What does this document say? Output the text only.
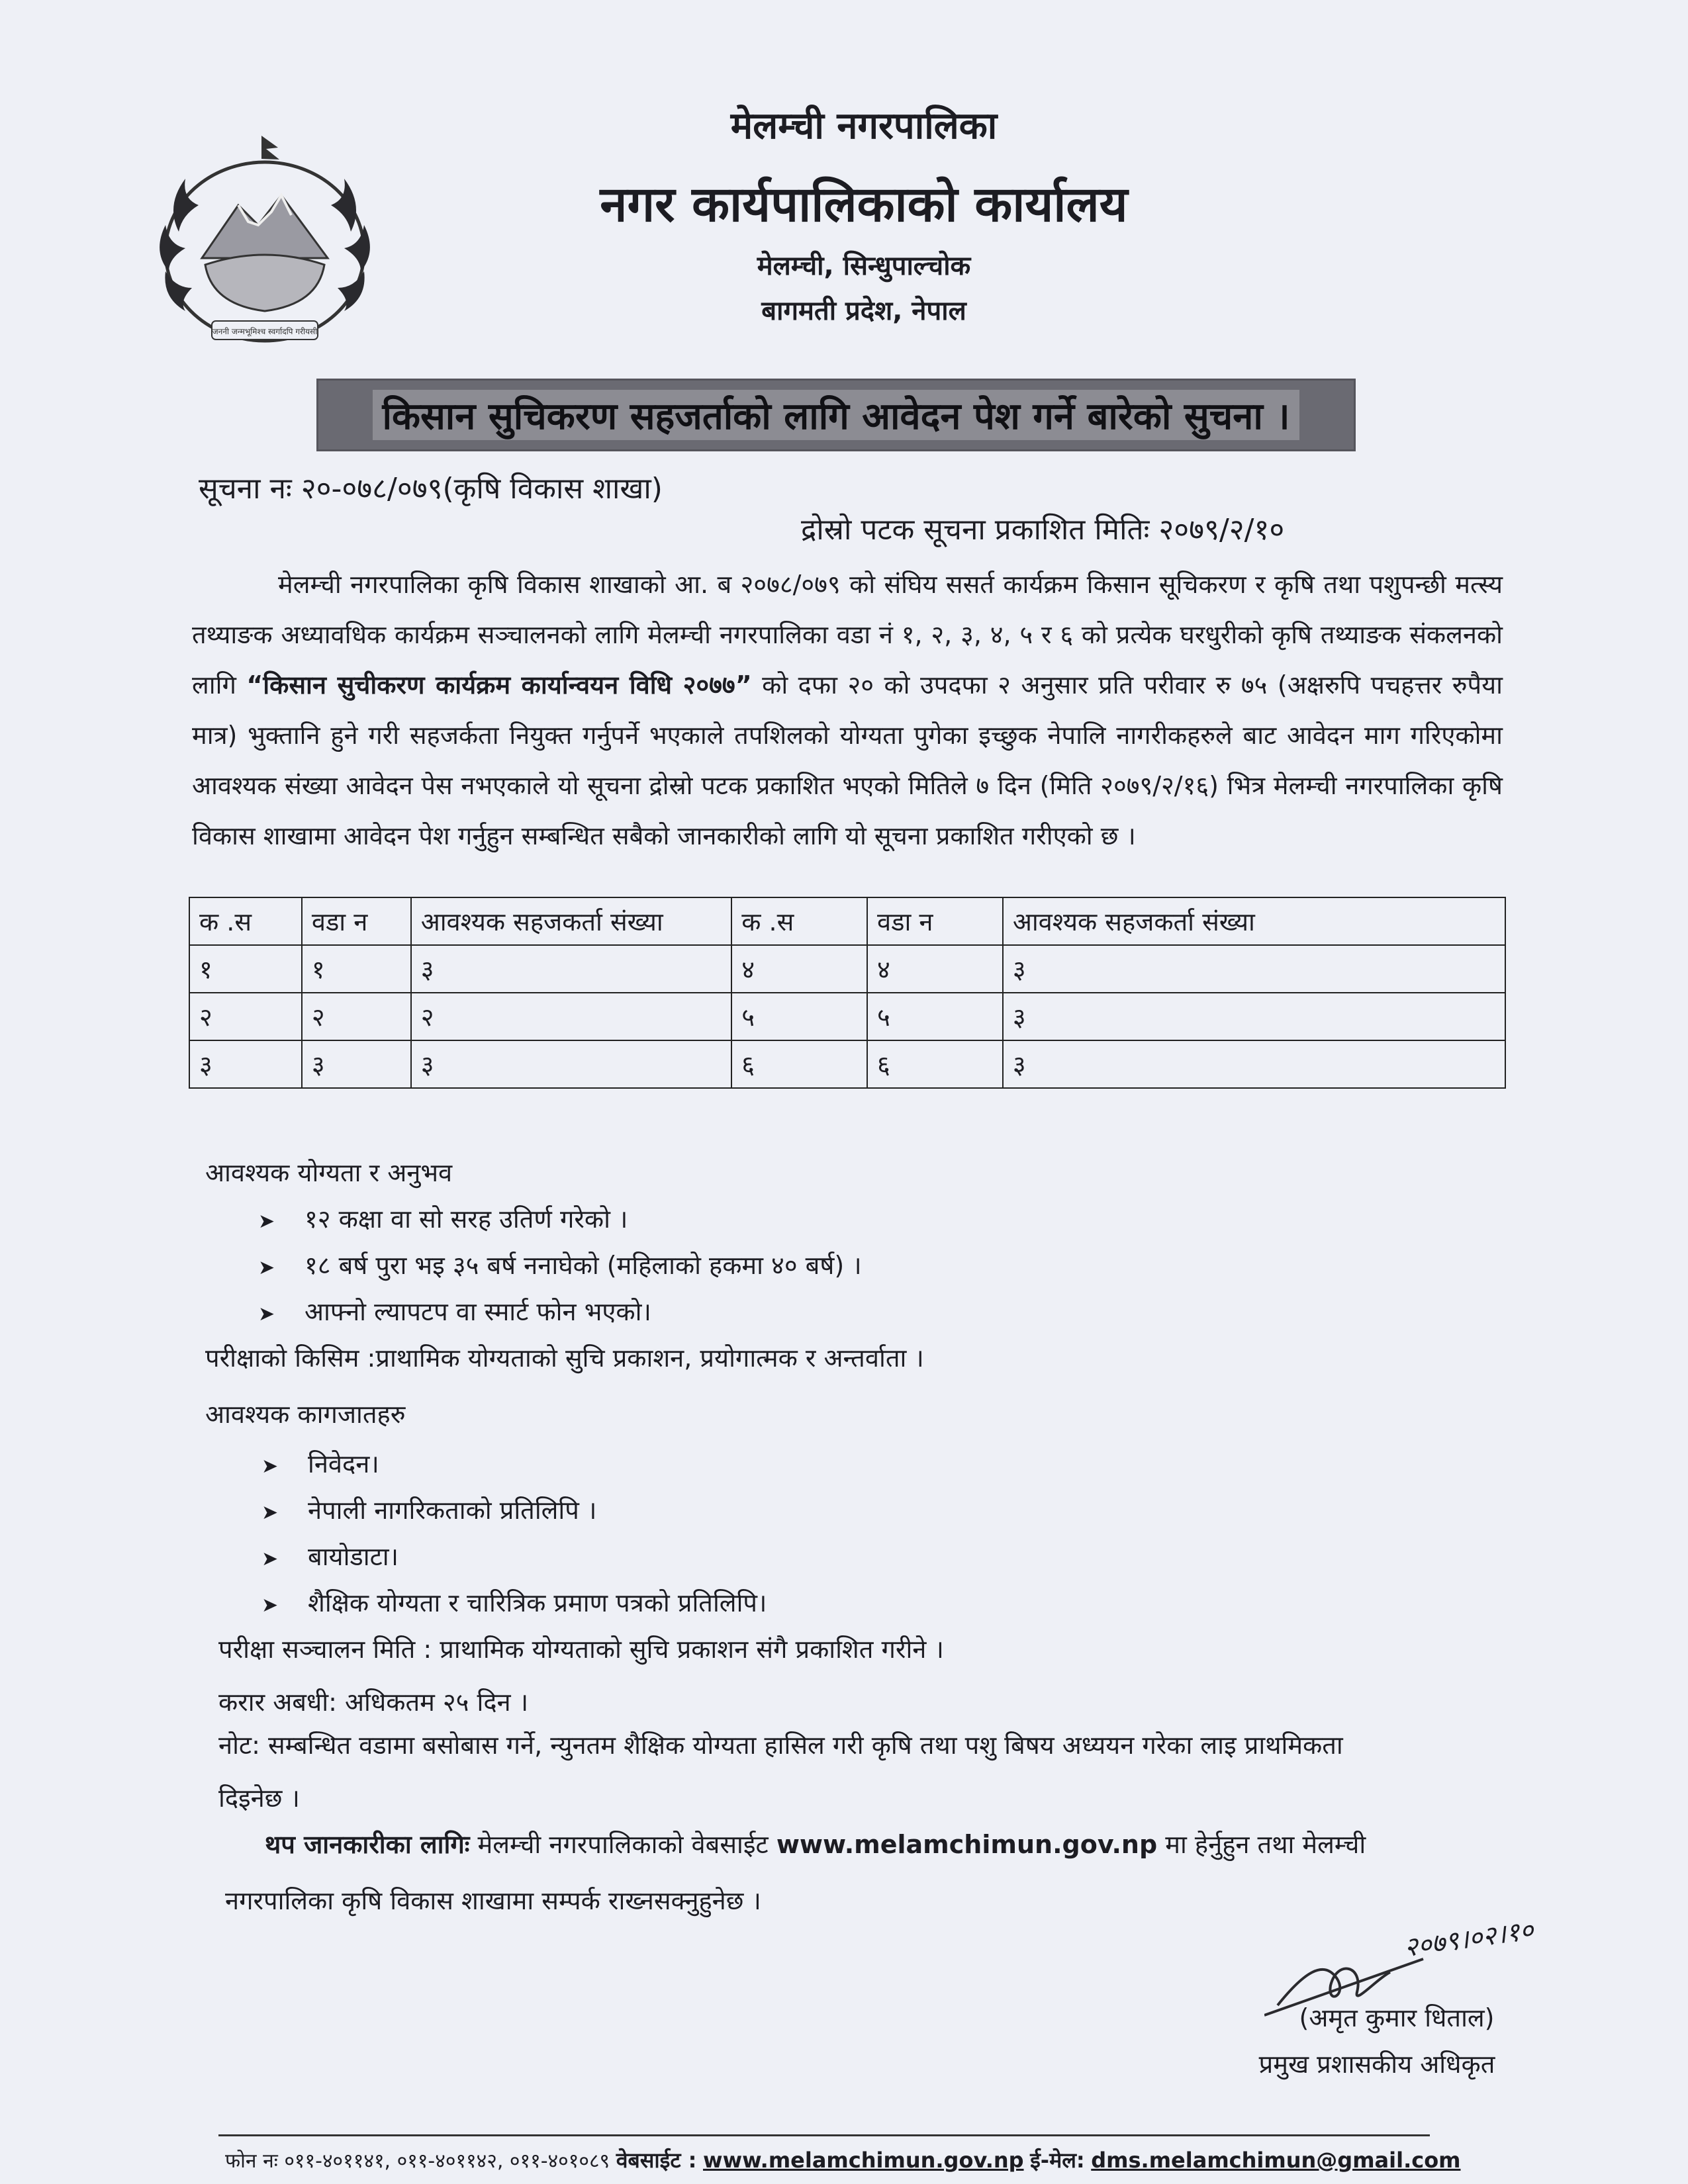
जननी जन्मभूमिश्च स्वर्गादपि गरीयसी
मेलम्ची नगरपालिका
नगर कार्यपालिकाको कार्यालय
मेलम्ची, सिन्धुपाल्चोक
बागमती प्रदेश, नेपाल
किसान सुचिकरण सहजर्ताको लागि आवेदन पेश गर्ने बारेको सुचना ।
सूचना नः २०-०७८/०७९(कृषि विकास शाखा)
द्रोस्रो पटक सूचना प्रकाशित मितिः २०७९/२/१०
मेलम्ची नगरपालिका कृषि विकास शाखाको आ. ब २०७८/०७९ को संघिय ससर्त कार्यक्रम किसान सूचिकरण र कृषि तथा पशुपन्छी मत्स्य तथ्याङक अध्यावधिक कार्यक्रम सञ्चालनको लागि मेलम्ची नगरपालिका वडा नं १, २, ३, ४, ५ र ६ को प्रत्येक घरधुरीको कृषि तथ्याङक संकलनको लागि “किसान सुचीकरण कार्यक्रम कार्यान्वयन विधि २०७७” को दफा २० को उपदफा २ अनुसार प्रति परीवार रु ७५ (अक्षरुपि पचहत्तर रुपैया मात्र) भुक्तानि हुने गरी सहजर्कता नियुक्त गर्नुपर्ने भएकाले तपशिलको योग्यता पुगेका इच्छुक नेपालि नागरीकहरुले बाट आवेदन माग गरिएकोमा आवश्यक संख्या आवेदन पेस नभएकाले यो सूचना द्रोस्रो पटक प्रकाशित भएको मितिले ७ दिन (मिति २०७९/२/१६) भित्र मेलम्ची नगरपालिका कृषि विकास शाखामा आवेदन पेश गर्नुहुन सम्बन्धित सबैको जानकारीको लागि यो सूचना प्रकाशित गरीएको छ ।
क .स	वडा न	आवश्यक सहजकर्ता संख्या	क .स	वडा न	आवश्यक सहजकर्ता संख्या
१	१	३	४	४	३
२	२	२	५	५	३
३	३	३	६	६	३
आवश्यक योग्यता र अनुभव
➤ १२ कक्षा वा सो सरह उतिर्ण गरेको ।
➤ १८ बर्ष पुरा भइ ३५ बर्ष ननाघेको (महिलाको हकमा ४० बर्ष) ।
➤ आफ्नो ल्यापटप वा स्मार्ट फोन भएको।
परीक्षाको किसिम :प्राथामिक योग्यताको सुचि प्रकाशन, प्रयोगात्मक र अन्तर्वाता ।
आवश्यक कागजातहरु
➤ निवेदन।
➤ नेपाली नागरिकताको प्रतिलिपि ।
➤ बायोडाटा।
➤ शैक्षिक योग्यता र चारित्रिक प्रमाण पत्रको प्रतिलिपि।
परीक्षा सञ्चालन मिति : प्राथामिक योग्यताको सुचि प्रकाशन संगै प्रकाशित गरीने ।
करार अबधी: अधिकतम २५ दिन ।
नोट: सम्बन्धित वडामा बसोबास गर्ने, न्युनतम शैक्षिक योग्यता हासिल गरी कृषि तथा पशु बिषय अध्ययन गरेका लाइ प्राथमिकता
दिइनेछ ।
थप जानकारीका लागिः मेलम्ची नगरपालिकाको वेबसाईट www.melamchimun.gov.np मा हेर्नुहुन तथा मेलम्ची
नगरपालिका कृषि विकास शाखामा सम्पर्क राख्नसक्नुहुनेछ ।
२०७९।०२।१०
(अमृत कुमार धिताल)
प्रमुख प्रशासकीय अधिकृत
फोन नः ०११-४०११४१, ०११-४०११४२, ०११-४०१०८९ वेबसाईट : www.melamchimun.gov.np ई-मेल: dms.melamchimun@gmail.com
